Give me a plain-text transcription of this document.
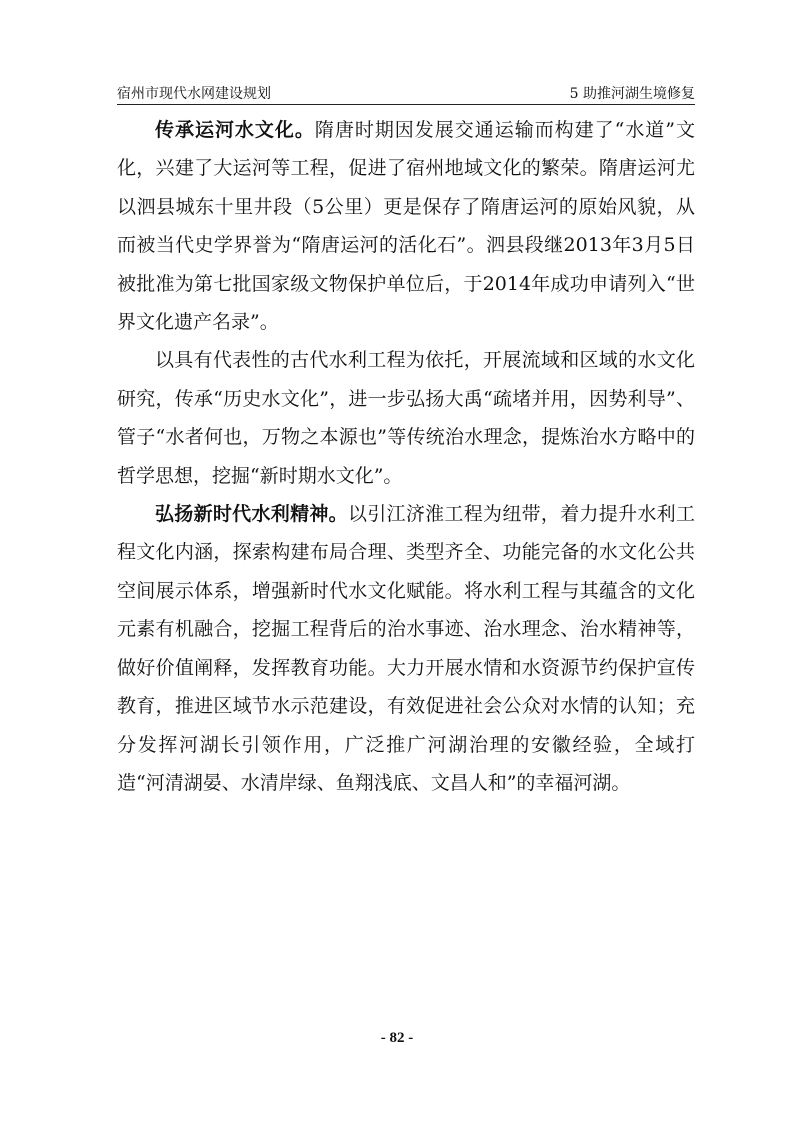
宿州市现代水网建设规划	5 助推河湖生境修复

传承运河水文化。隋唐时期因发展交通运输而构建了“水道”文化，兴建了大运河等工程，促进了宿州地域文化的繁荣。隋唐运河尤以泗县城东十里井段（5公里）更是保存了隋唐运河的原始风貌，从而被当代史学界誉为“隋唐运河的活化石”。泗县段继2013年3月5日被批准为第七批国家级文物保护单位后，于2014年成功申请列入“世界文化遗产名录”。

以具有代表性的古代水利工程为依托，开展流域和区域的水文化研究，传承“历史水文化”，进一步弘扬大禹“疏堵并用，因势利导”、管子“水者何也，万物之本源也”等传统治水理念，提炼治水方略中的哲学思想，挖掘“新时期水文化”。

弘扬新时代水利精神。以引江济淮工程为纽带，着力提升水利工程文化内涵，探索构建布局合理、类型齐全、功能完备的水文化公共空间展示体系，增强新时代水文化赋能。将水利工程与其蕴含的文化元素有机融合，挖掘工程背后的治水事迹、治水理念、治水精神等，做好价值阐释，发挥教育功能。大力开展水情和水资源节约保护宣传教育，推进区域节水示范建设，有效促进社会公众对水情的认知；充分发挥河湖长引领作用，广泛推广河湖治理的安徽经验，全域打造“河清湖晏、水清岸绿、鱼翔浅底、文昌人和”的幸福河湖。

- 82 -
